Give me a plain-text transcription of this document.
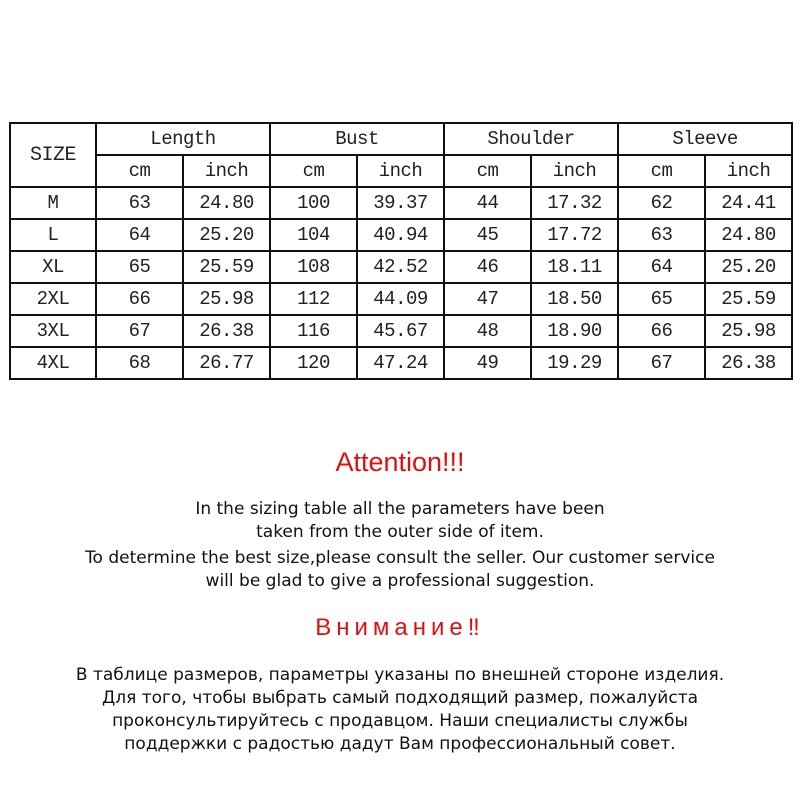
SIZE	Length		Bust		Shoulder		Sleeve	
	cm	inch	cm	inch	cm	inch	cm	inch
M	63	24.80	100	39.37	44	17.32	62	24.41
L	64	25.20	104	40.94	45	17.72	63	24.80
XL	65	25.59	108	42.52	46	18.11	64	25.20
2XL	66	25.98	112	44.09	47	18.50	65	25.59
3XL	67	26.38	116	45.67	48	18.90	66	25.98
4XL	68	26.77	120	47.24	49	19.29	67	26.38
Attention!!!

In the sizing table all the parameters have been
taken from the outer side of item.

To determine the best size,please consult the seller. Our customer service
will be glad to give a professional suggestion.

Внимание‼
В таблице размеров, параметры указаны по внешней стороне изделия.
Для того, чтобы выбрать самый подходящий размер, пожалуйста
проконсультируйтесь с продавцом. Наши специалисты службы
поддержки с радостью дадут Вам профессиональный совет.
